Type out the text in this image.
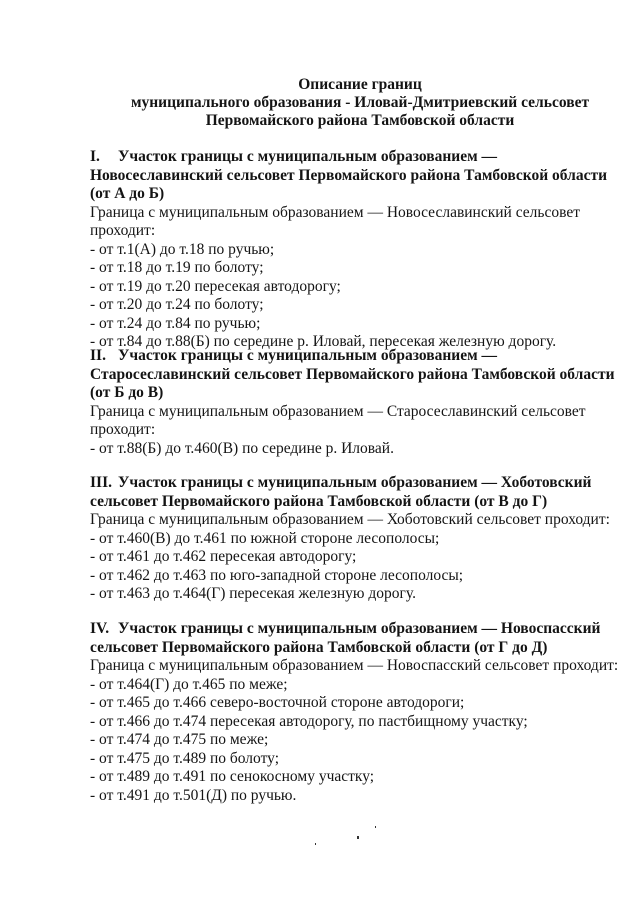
Описание границ
муниципального образования - Иловай-Дмитриевский сельсовет
Первомайского района Тамбовской области
I. Участок границы с муниципальным образованием —
Новосеславинский сельсовет Первомайского района Тамбовской области
(от А до Б)
Граница с муниципальным образованием — Новосеславинский сельсовет
проходит:
- от т.1(А) до т.18 по ручью;
- от т.18 до т.19 по болоту;
- от т.19 до т.20 пересекая автодорогу;
- от т.20 до т.24 по болоту;
- от т.24 до т.84 по ручью;
- от т.84 до т.88(Б) по середине р. Иловай, пересекая железную дорогу.
II. Участок границы с муниципальным образованием —
Старосеславинский сельсовет Первомайского района Тамбовской области
(от Б до В)
Граница с муниципальным образованием — Старосеславинский сельсовет
проходит:
- от т.88(Б) до т.460(В) по середине р. Иловай.
III. Участок границы с муниципальным образованием — Хоботовский
сельсовет Первомайского района Тамбовской области (от В до Г)
Граница с муниципальным образованием — Хоботовский сельсовет проходит:
- от т.460(В) до т.461 по южной стороне лесополосы;
- от т.461 до т.462 пересекая автодорогу;
- от т.462 до т.463 по юго-западной стороне лесополосы;
- от т.463 до т.464(Г) пересекая железную дорогу.
IV. Участок границы с муниципальным образованием — Новоспасский
сельсовет Первомайского района Тамбовской области (от Г до Д)
Граница с муниципальным образованием — Новоспасский сельсовет проходит:
- от т.464(Г) до т.465 по меже;
- от т.465 до т.466 северо-восточной стороне автодороги;
- от т.466 до т.474 пересекая автодорогу, по пастбищному участку;
- от т.474 до т.475 по меже;
- от т.475 до т.489 по болоту;
- от т.489 до т.491 по сенокосному участку;
- от т.491 до т.501(Д) по ручью.
